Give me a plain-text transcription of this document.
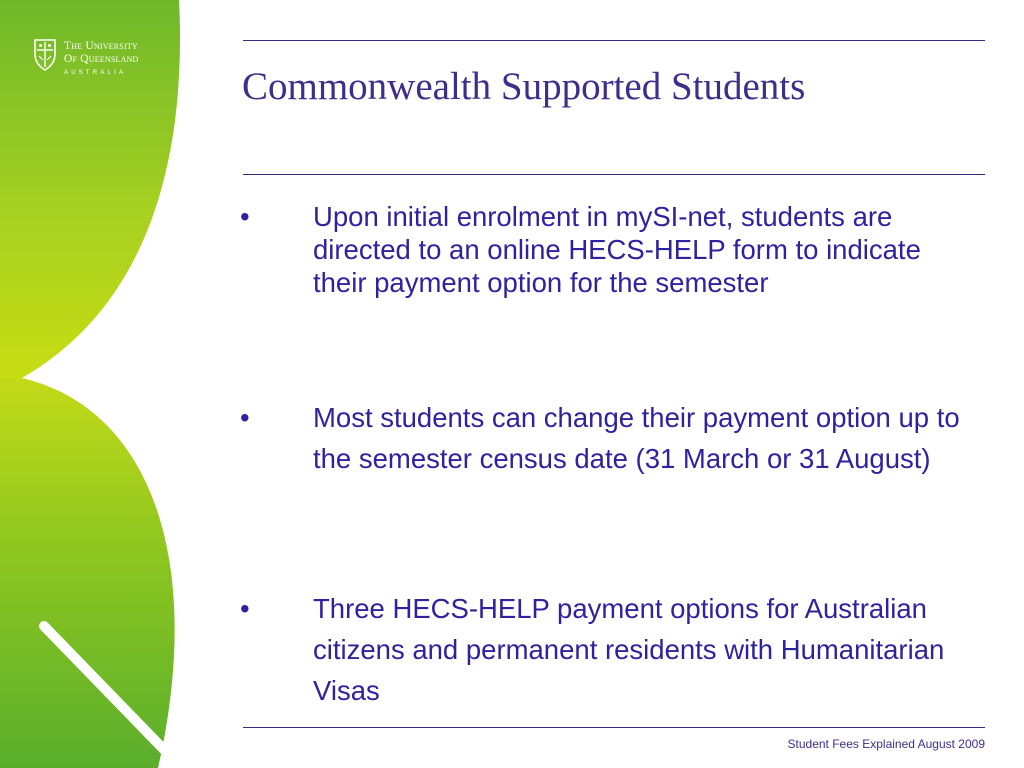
The University
Of Queensland
AUSTRALIA	Commonwealth Supported Students
• Upon initial enrolment in mySI-net, students are directed to an online HECS-HELP form to indicate their payment option for the semester
• Most students can change their payment option up to the semester census date (31 March or 31 August)
• Three HECS-HELP payment options for Australian citizens and permanent residents with Humanitarian Visas
Student Fees Explained August 2009
